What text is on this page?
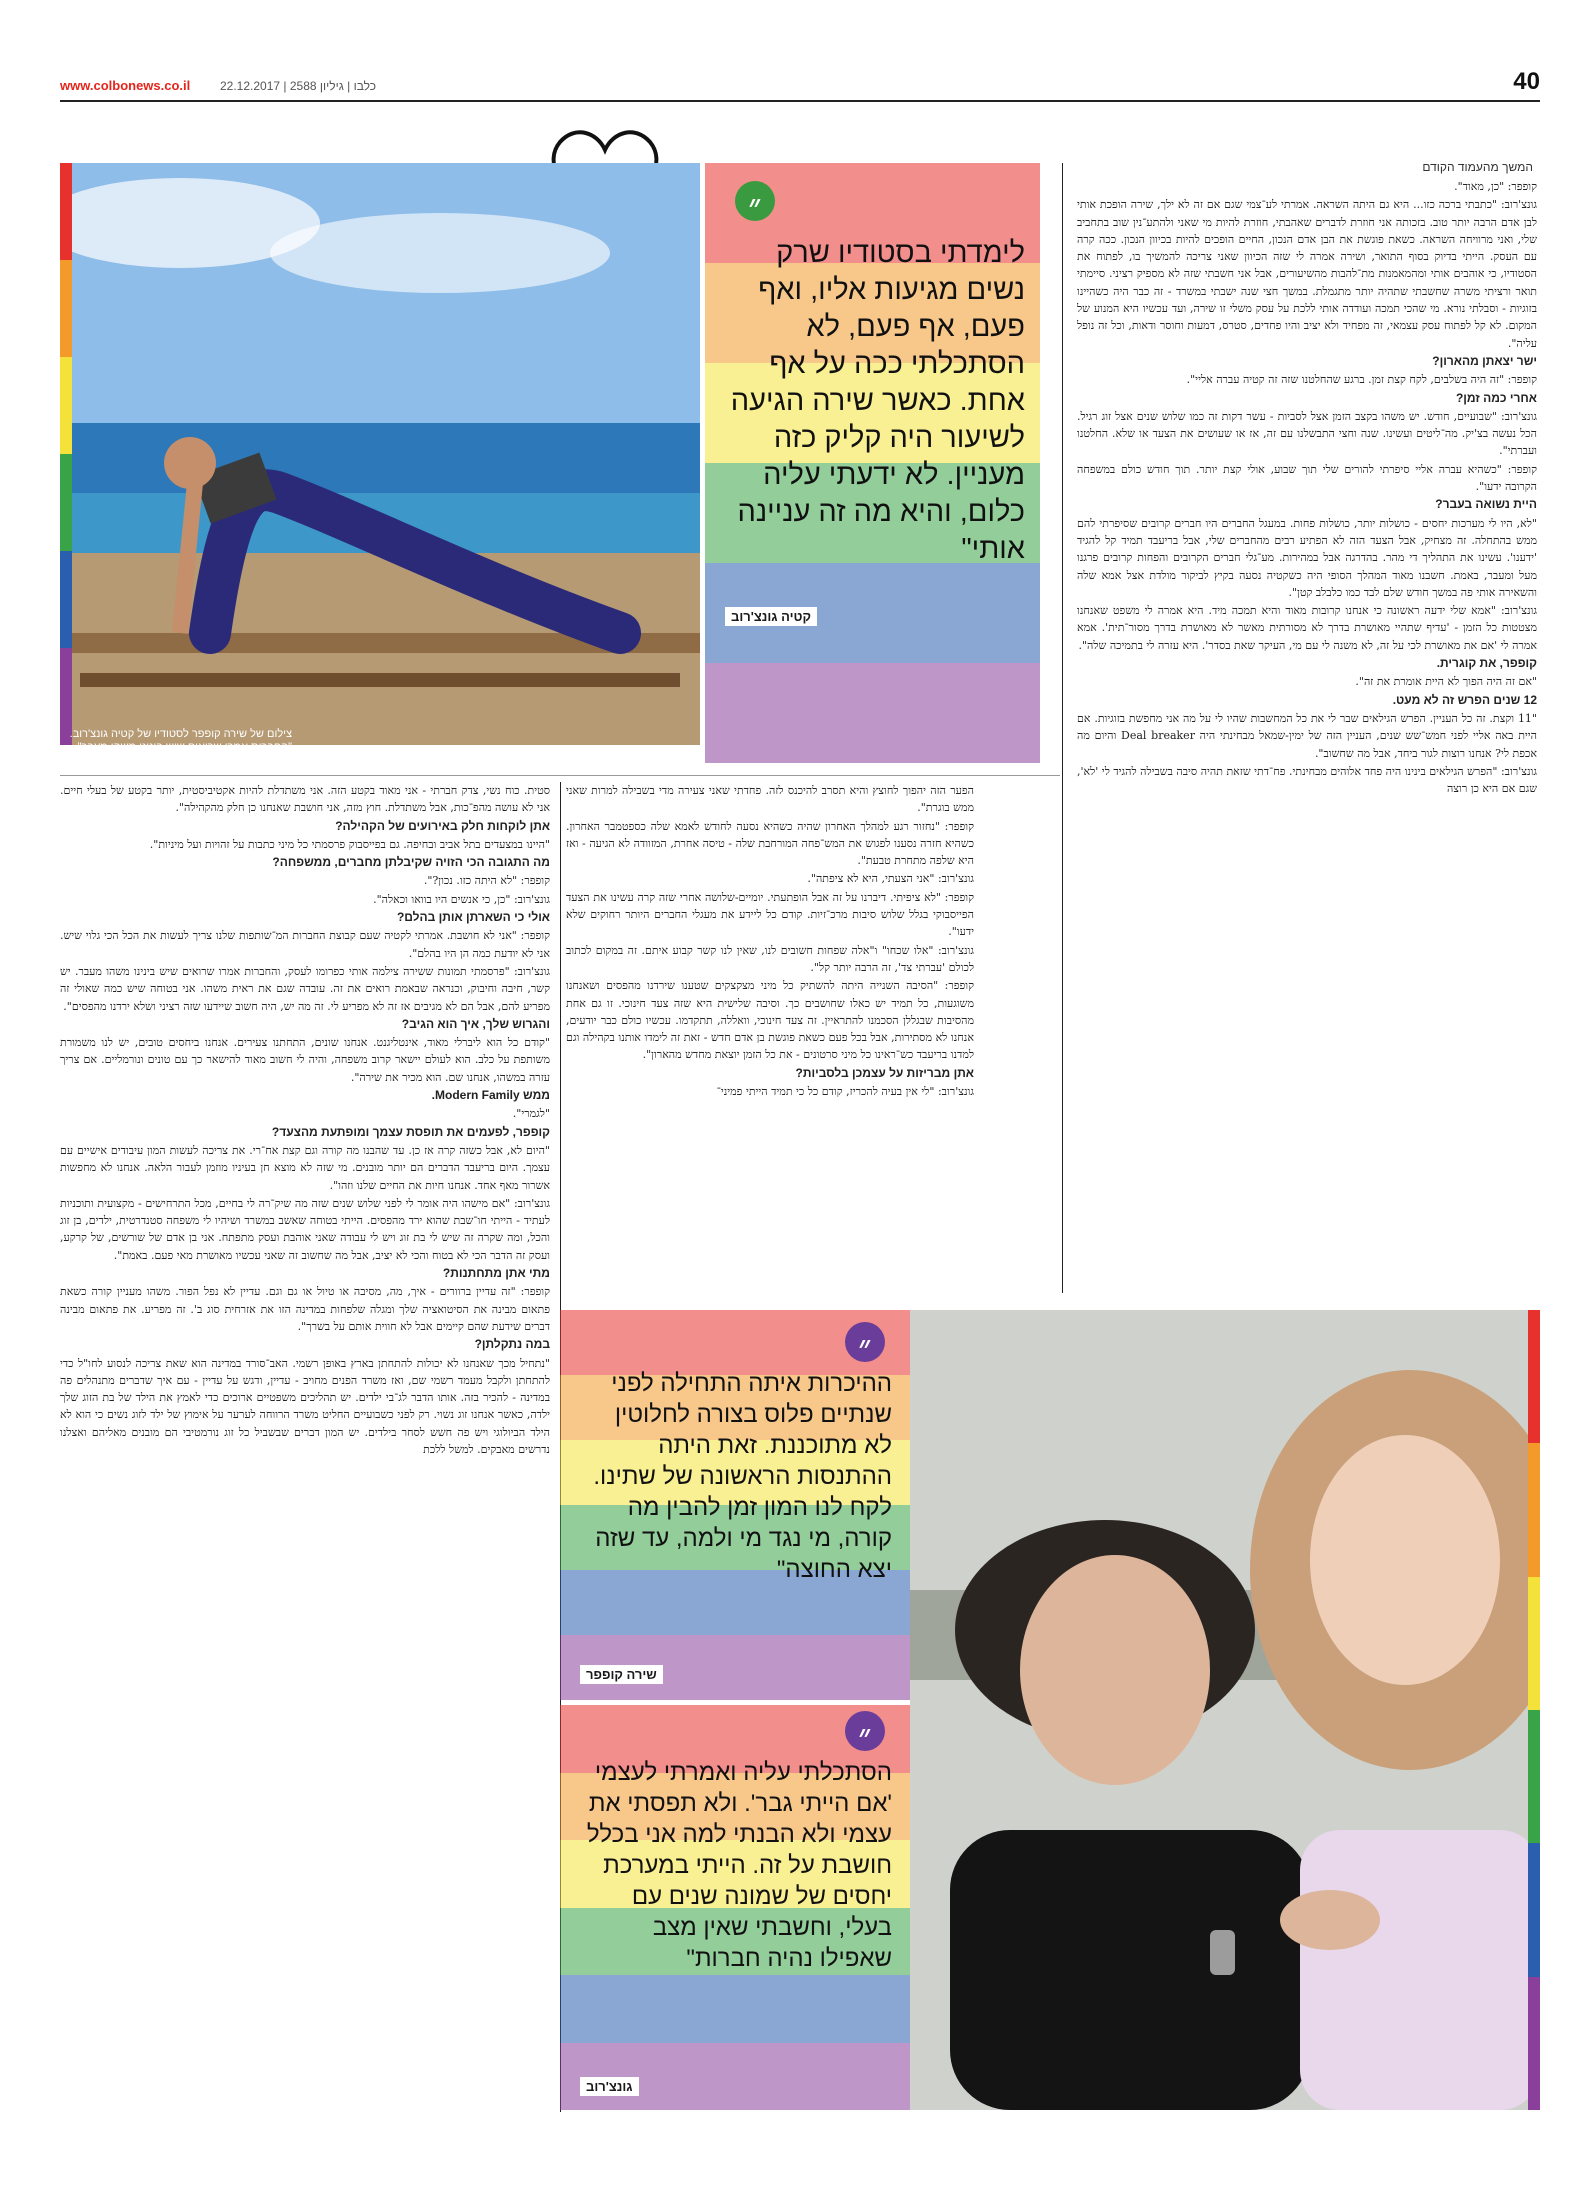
www.colbonews.co.il כלבו | גיליון 2588 | 22.12.2017	40
המשך מהעמוד הקודם
צילום של שירה קופפר לסטודיו של קטיה גונצ'רוב. "החברות אמרו שרואים שיש בינינו משהו מעבר"
״
לימדתי בסטודיו שרק נשים מגיעות אליו, ואף פעם, אף פעם, לא הסתכלתי ככה על אף אחת. כאשר שירה הגיעה לשיעור היה קליק כזה מעניין. לא ידעתי עליה כלום, והיא מה זה עניינה אותי"
קטיה גונצ'רוב

קופפר: "כן, מאוד".

גונצ'רוב: "כתבתי ברכה כזו... היא גם היתה השראה. אמרתי לע־צמי שגם אם זה לא ילך, שירה הופכת אותי לבן אדם הרבה יותר טוב. בזכותה אני חוזרת לדברים שאהבתי, חוזרת להיות מי שאני ולהתע־נין שוב בתחביב שלי, ואני מרוויחה השראה. כשאת פוגשת את הבן אדם הנכון, החיים הופכים להיות בכיוון הנכון. ככה קרה עם העסק. הייתי בדיוק בסוף התואר, ושירה אמרה לי שזה הכיוון שאני צריכה להמשיך בו, לפתוח את הסטודיו, כי אוהבים אותי ומהמאמנות מת־להבות מהשיעורים, אבל אני חשבתי שזה לא מספיק רציני. סיימתי תואר ורציתי משרה שחשבתי שתהיה יותר מתגמלת. במשך חצי שנה ישבתי במשרד - זה כבר היה כשהיינו בזוגיות - וסבלתי נורא. מי שהכי תמכה ועודדה אותי ללכת על עסק משלי זו שירה, ועד עכשיו היא המנוע של המקום. לא קל לפתוח עסק עצמאי, זה מפחיד ולא יציב והיו פחדים, סטרס, דמעות וחוסר ודאות, וכל זה נופל עליה".

ישר יצאתן מהארון?

קופפר: "זה היה בשלבים, לקח קצת זמן. ברגע שהחלטנו שזה זה קטיה עברה אליי".

אחרי כמה זמן?

גונצ'רוב: "שבועיים, חודש. יש משהו בקצב הזמן אצל לסביות - עשר דקות זה כמו שלוש שנים אצל זוג רגיל. הכל נעשה בצ'יק. מה־ליטים ועשינו. שנה וחצי התבשלנו עם זה, אז או שעושים את הצעד או שלא. החלטנו ועברתי".

קופפר: "כשהיא עברה אליי סיפרתי להורים שלי תוך שבוע, אולי קצת יותר. תוך חודש כולם במשפחה הקרובה ידעו".

היית נשואה בעבר?

"לא, היו לי מערכות יחסים - כושלות יותר, כושלות פחות. במעגל החברים היו חברים קרובים שסיפרתי להם ממש בהתחלה. זה מצחיק, אבל הצעד הזה לא הפתיע רבים מהחברים שלי, אבל בריעבד תמיד קל להגיד 'ידענו'. עשינו את התהליך די מהר. בהדרגה אבל במהירות. מע־גלי חברים הקרובים והפחות קרובים פרגנו מעל ומעבר, באמת. חשבנו מאוד המהלך הסופי היה כשקטיה נסעה בקיץ לביקור מולדת אצל אמא שלה והשאירה אותי פה במשך חודש שלם לבד כמו כלבלב קטן".

גונצ'רוב: "אמא שלי ידעה ראשונה כי אנחנו קרובות מאוד והיא תמכה מיד. היא אמרה לי משפט שאנחנו מצטטות כל הזמן - 'עדיף שתהיי מאושרת בדרך לא מסורתית מאשר לא מאושרת בדרך מסור־תית'. אמא אמרה לי 'אם את מאושרת לכי על זה, לא משנה לי עם מי, העיקר שאת בסדר'. היא עזרה לי בתמיכה שלה".

קופפר, את קוגרית.

"אם זה היה הפוך לא היית אומרת את זה".

12 שנים הפרש זה לא מעט.

"11 וקצת. זה כל העניין. הפרש הגילאים שבר לי את כל המחשבות שהיו לי על מה אני מחפשת בזוגיות. אם היית באה אליי לפני חמש־שש שנים, העניין הזה של ימין-שמאל מבחינתי היה Deal breaker והיום מה אכפת לי? אנחנו רוצות לגור ביחד, אבל מה שחשוב".

גונצ'רוב: "הפרש הגילאים בינינו היה פחד אלוהים מבחינתי. פח־דתי שזאת תהיה סיבה בשבילה להגיד לי 'לא', שגם אם היא כן רוצה

הפער הזה יהפוך לחוצץ והיא תסרב להיכנס לזה. פחדתי שאני צעירה מדי בשבילה למרות שאני ממש בוגרת".

קופפר: "נחזור רגע למהלך האחרון שהיה כשהיא נסעה לחודש לאמא שלה כספטמבר האחרון. כשהיא חזרה נסענו לפגוש את המש־פחה המורחבת שלה - טיסה אחרת, המזוודה לא הגיעה - ואז היא שלפה מתחרת טבעת".

גונצ'רוב: "אני הצעתי, היא לא ציפתה".

קופפר: "לא ציפיתי. דיברנו על זה אבל הופתעתי. יומיים-שלושה אחרי שזה קרה עשינו את הצעד הפייסבוקי בגלל שלוש סיבות מרכ־זיות. קודם כל ליידע את מעגלי החברים היותר רחוקים שלא ידעו".

גונצ'רוב: "אלו שכחו" ו"אלה שפחות חשובים לנו, שאין לנו קשר קבוע איתם. זה במקום לכתוב לכולם 'עברתי צד', זה הרבה יותר קל".

קופפר: "הסיבה השנייה היתה להשתיק כל מיני מצקצקים שטענו שירדנו מהפסים ושאנחנו משוגעות, כל תמיד יש כאלו שחושבים כך. וסיבה שלישית היא שזה צעד חינוכי. זו גם אחת מהסיבות שבגללן הסכמנו להתראיין. זה צעד חינוכי, וואללה, תתקדמו. עכשיו כולם כבר יודעים, אנחנו לא מסתירות, אבל בכל פעם כשאת פוגשת בן אדם חדש - זאת זה לימדו אותנו בקהילה וגם למדנו בריעבד כש־ראינו כל מיני סרטונים - את כל הזמן יוצאת מחדש מהארון".

אתן מבריזות על עצמכן בלסביות?

גונצ'רוב: "לי אין בעיה להכריז, קודם כל כי תמיד הייתי פמיני־

סטית. כוח נשי, צדק חברתי - אני מאוד בקטע הזה. אני משתדלת להיות אקטיביסטית, יותר בקטע של בעלי חיים. אני לא עושה מהפ־כות, אבל משתדלת. חוץ מזה, אני חושבת שאנחנו כן חלק מהקהילה".

אתן לוקחות חלק באירועים של הקהילה?

"היינו במצעדים בתל אביב ובחיפה. גם בפייסבוק פרסמתי כל מיני כתבות על זהויות ועל מיניות".

מה התגובה הכי הזויה שקיבלתן מחברים, ממשפחה?

קופפר: "לא היתה כזו. נכון?".

גונצ'רוב: "כן, כי אנשים היו בוואו וכאלה".

אולי כי השארתן אותן בהלם?

קופפר: "אני לא חושבת. אמרתי לקטיה שעם קבוצת החברות המ־שותפות שלנו צריך לעשות את הכל הכי גלוי שיש. אני לא יודעת כמה הן היו בהלם".

גונצ'רוב: "פרסמתי תמונות ששירה צילמה אותי כפרומו לעסק, והחברות אמרו שרואים שיש בינינו משהו מעבר. יש קשר, חיבה וחיבוק, וכנראה שבאמת רואים את זה. עובדה שגם את ראית משהו. אני בטוחה שיש כמה שאולי זה מפריע להם, אבל הם לא מגיבים אז זה לא מפריע לי. זה מה יש, היה חשוב שיידעו שזה רציני ושלא ירדנו מהפסים".

והגרוש שלך, איך הוא הגיב?

"קודם כל הוא ליברלי מאוד, אינטליגנט. אנחנו שונים, התחתנו צעירים. אנחנו ביחסים טובים, יש לנו משמורת משותפת על כלב. הוא לעולם יישאר קרוב משפחה, והיה לי חשוב מאוד להישאר כך עם טונים ונורמליים. אם צריך עזרה במשהו, אנחנו שם. הוא מכיר את שירה".

ממש Modern Family.

"לגמרי".

קופפר, לפעמים את תופסת עצמך ומופתעת מהצעד?

"היום לא, אבל כשזה קרה אז כן. עד שהבנו מה קורה וגם קצת אח־רי. את צריכה לעשות המון עיבודים אישיים עם עצמך. היום בריעבד הדברים הם יותר מובנים. מי שזה לא מוצא חן בעיניו מוזמן לעבור הלאה. אנחנו לא מחפשות אשרור מאף אחד. אנחנו חיות את החיים שלנו וזהו".

גונצ'רוב: "אם מישהו היה אומר לי לפני שלוש שנים שזה מה שיק־רה לי בחיים, מכל התרחישים - מקצועית ותוכניות לעתיד - הייתי חו־שבת שהוא ירד מהפסים. הייתי בטוחה שאשב במשרד ושיהיו לי משפחה סטנדרטית, ילדים, בן זוג והכל, ומה שקרה זה שיש לי בת זוג ויש לי עבודה שאני אוהבת ועסק מתפתח. אני בן אדם של שורשים, של קרקע, ועסק זה הדבר הכי לא בטוח והכי לא יציב, אבל מה שחשוב זה שאני עכשיו מאושרת מאי פעם. באמת".

מתי אתן מתחתנות?

קופפר: "זה עדיין ברוורים - איך, מה, מסיבה או טיול או גם וגם. עדיין לא נפל הפור. משהו מעניין קורה כשאת פתאום מבינה את הסיטואציה שלך ומגלה שלפחות במדינה הזו את אזרחית סוג ב'. זה מפריע. את פתאום מבינה דברים שידעת שהם קיימים אבל לא חווית אותם על בשרך".

במה נתקלתן?

"נתחיל מכך שאנחנו לא יכולות להתחתן בארץ באופן רשמי. האב־סורד במדינה הוא שאת צריכה לנסוע לחו"ל כדי להתחתן ולקבל מעמד רשמי שם, ואז משרד הפנים מחויב - עדיין, ודגש על עדיין - עם איך שדברים מתנהלים פה במדינה - להכיר בזה. אותו הדבר לג־בי ילדים. יש תהליכים משפטיים ארוכים כדי לאמץ את הילד של בת הזוג שלך ילדה, כאשר אנחנו זוג נשוי. רק לפני כשבועיים החליט משרד הרווחה לערער על אימוץ של ילד לזוג נשים כי הוא לא הילד הביולוגי ויש פה חשש לסחר בילדים. יש המון דברים שבשביל כל זוג נורמטיבי הם מובנים מאליהם ואצלנו נדרשים מאבקים. למשל ללכת

״
ההיכרות איתה התחילה לפני שנתיים פלוס בצורה לחלוטין לא מתוכננת. זאת היתה ההתנסות הראשונה של שתינו. לקח לנו המון זמן להבין מה קורה, מי נגד מי ולמה, עד שזה יצא החוצה"
שירה קופפר
״
הסתכלתי עליה ואמרתי לעצמי 'אם הייתי גבר'. ולא תפסתי את עצמי ולא הבנתי למה אני בכלל חושבת על זה. הייתי במערכת יחסים של שמונה שנים עם בעלי, וחשבתי שאין מצב שאפילו נהיה חברות"
גונצ'רוב
